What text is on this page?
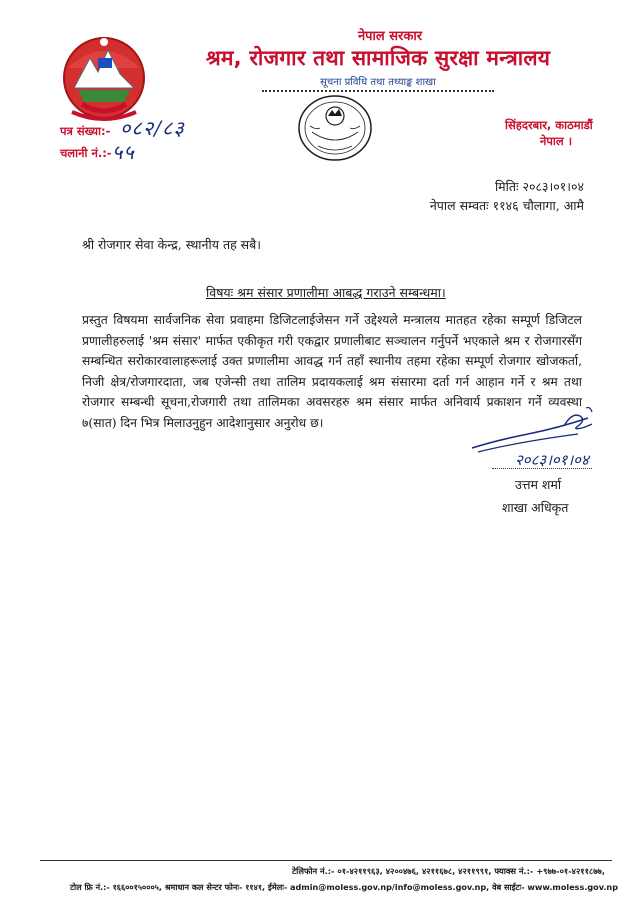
नेपाल सरकार
श्रम, रोजगार तथा सामाजिक सुरक्षा मन्त्रालय
सूचना प्रविधि तथा तथ्याङ्क शाखा
पत्र संख्या:- ०८२/८३
चलानी नं.:- ५५
सिंहदरबार, काठमाडौं
नेपाल ।
मितिः २०८३।०१।०४
नेपाल सम्वतः ११४६ चौलागा, आमै
श्री रोजगार सेवा केन्द्र, स्थानीय तह सबै।
विषयः श्रम संसार प्रणालीमा आबद्ध गराउने सम्बन्धमा।
प्रस्तुत विषयमा सार्वजनिक सेवा प्रवाहमा डिजिटलाईजेसन गर्ने उद्देश्यले मन्त्रालय मातहत रहेका सम्पूर्ण डिजिटल प्रणालीहरुलाई 'श्रम संसार' मार्फत एकीकृत गरी एकद्वार प्रणालीबाट सञ्चालन गर्नुपर्ने भएकाले श्रम र रोजगारसँग सम्बन्धित सरोकारवालाहरूलाई उक्त प्रणालीमा आवद्ध गर्न तहाँ स्थानीय तहमा रहेका सम्पूर्ण रोजगार खोजकर्ता, निजी क्षेत्र/रोजगारदाता, जब एजेन्सी तथा तालिम प्रदायकलाई श्रम संसारमा दर्ता गर्न आहान गर्ने र श्रम तथा रोजगार सम्बन्धी सूचना,रोजगारी तथा तालिमका अवसरहरु श्रम संसार मार्फत अनिवार्य प्रकाशन गर्ने व्यवस्था ७(सात) दिन भित्र मिलाउनुहुन आदेशानुसार अनुरोध छ।
२०८३।०१।०४
उत्तम शर्मा
शाखा अधिकृत
टेलिफोन नं.:- ०१-४२११९६३, ४२००४७६, ४२११६७८, ४२११९९१, फ्याक्स नं.:- +९७७-०१-४२११८७७,
टोल फ्रि नं.:- १६६००१५०००५, श्रमाधान कल सेन्टर फोनः- ११४१, ईमेलः- admin@moless.gov.np/info@moless.gov.np, वेब साईटः- www.moless.gov.np
